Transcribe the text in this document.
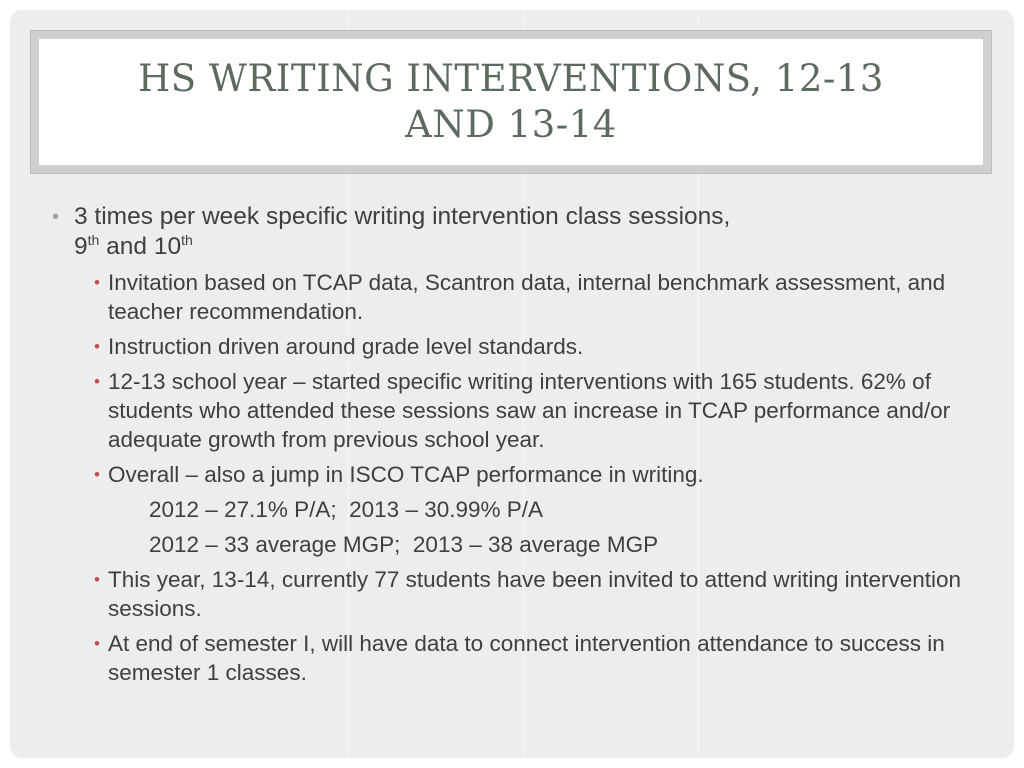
HS WRITING INTERVENTIONS, 12-13
AND 13-14
• 3 times per week specific writing intervention class sessions,
9th and 10th
• Invitation based on TCAP data, Scantron data, internal benchmark assessment, and teacher recommendation.
• Instruction driven around grade level standards.
• 12-13 school year – started specific writing interventions with 165 students. 62% of students who attended these sessions saw an increase in TCAP performance and/or adequate growth from previous school year.
• Overall – also a jump in ISCO TCAP performance in writing.
2012 – 27.1% P/A;  2013 – 30.99% P/A
2012 – 33 average MGP;  2013 – 38 average MGP
• This year, 13-14, currently 77 students have been invited to attend writing intervention sessions.
• At end of semester I, will have data to connect intervention attendance to success in semester 1 classes.
